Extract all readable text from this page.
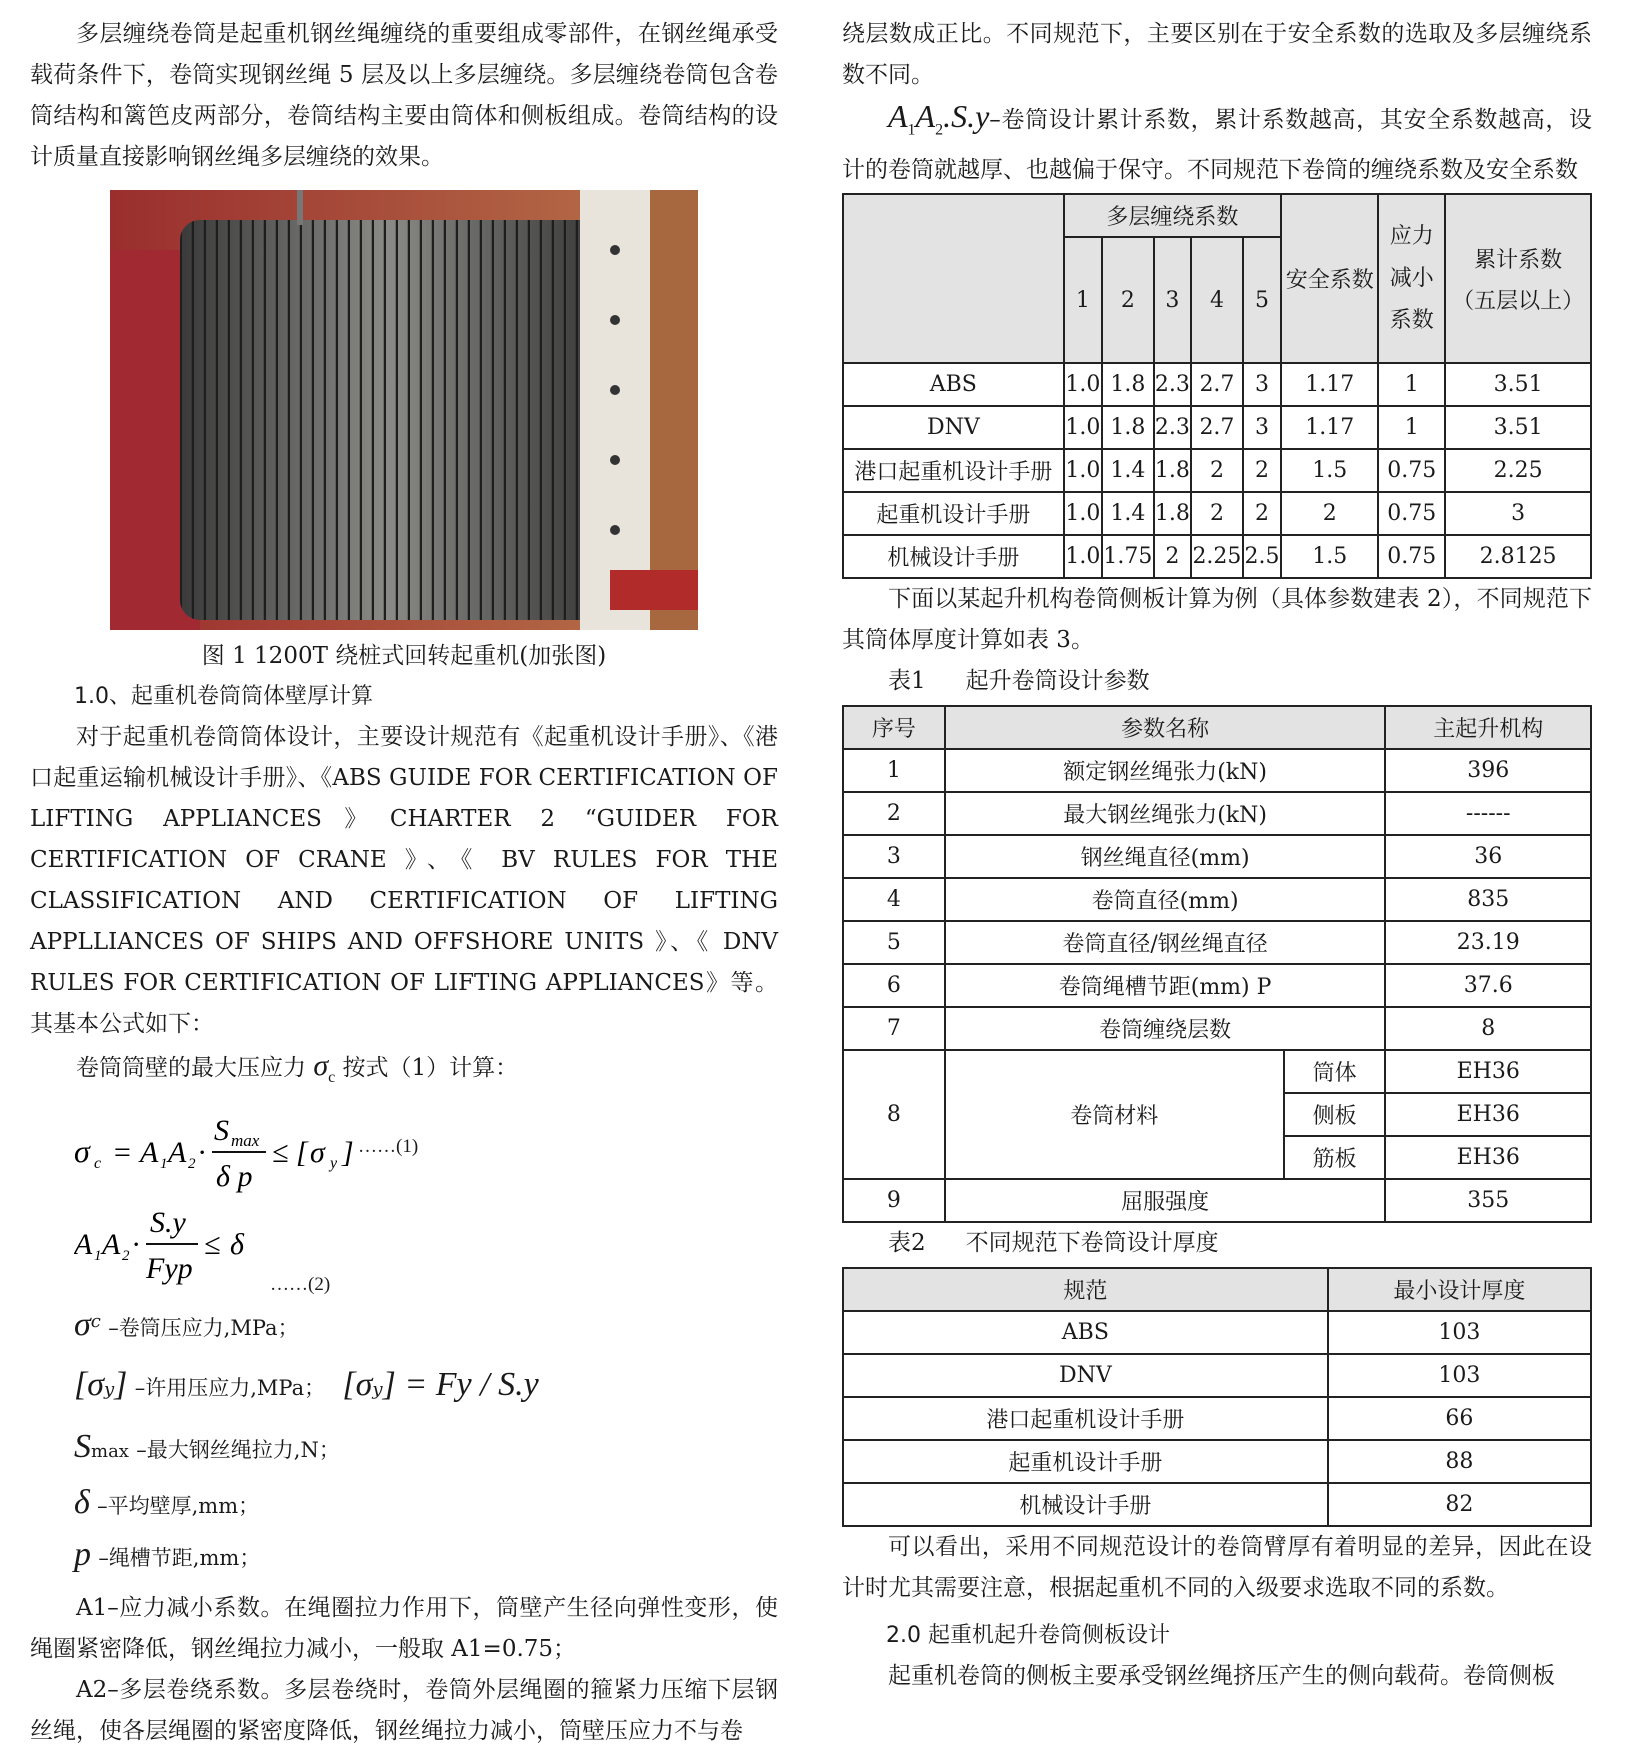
多层缠绕卷筒是起重机钢丝绳缠绕的重要组成零部件，在钢丝绳承受载荷条件下，卷筒实现钢丝绳 5 层及以上多层缠绕。多层缠绕卷筒包含卷筒结构和篱笆皮两部分，卷筒结构主要由筒体和侧板组成。卷筒结构的设计质量直接影响钢丝绳多层缠绕的效果。

图 1 1200T 绕桩式回转起重机(加张图)
1.0、起重机卷筒筒体壁厚计算

对于起重机卷筒筒体设计，主要设计规范有《起重机设计手册》、《港口起重运输机械设计手册》、《ABS GUIDE FOR CERTIFICATION OF LIFTING APPLIANCES》CHARTER 2 “GUIDER FOR CERTIFICATION OF CRANE 》、《 BV RULES FOR THE CLASSIFICATION AND CERTIFICATION OF LIFTING APPLLIANCES OF SHIPS AND OFFSHORE UNITS 》、《 DNV RULES FOR CERTIFICATION OF LIFTING APPLIANCES》等。其基本公式如下：

卷筒筒壁的最大压应力 $\sigma_c$ 按式（1）计算：

σ c = A 1 A 2 ·
S max
δ p
≤ [ σ y ] ……(1)
A 1 A 2 ·
S.y
Fyp
≤ δ
……(2)
$\sigma^c$ –卷筒压应力,MPa；
[σy] –许用压应力,MPa； [σy] = Fy / S.y
Smax –最大钢丝绳拉力,N；
δ –平均壁厚,mm；
p –绳槽节距,mm；

A1–应力减小系数。在绳圈拉力作用下，筒壁产生径向弹性变形，使绳圈紧密降低，钢丝绳拉力减小，一般取 A1=0.75；

A2–多层卷绕系数。多层卷绕时，卷筒外层绳圈的箍紧力压缩下层钢丝绳，使各层绳圈的紧密度降低，钢丝绳拉力减小，筒壁压应力不与卷

绕层数成正比。不同规范下，主要区别在于安全系数的选取及多层缠绕系数不同。

$A_1A_2.S.y-$卷筒设计累计系数，累计系数越高，其安全系数越高，设计的卷筒就越厚、也越偏于保守。不同规范下卷筒的缠绕系数及安全系数

	多层缠绕系数					安全系数	应力减小系数	累计系数
（五层以上）

	1	2	3	4	5			
ABS	1.0	1.8	2.3	2.7	3	1.17	1	3.51
DNV	1.0	1.8	2.3	2.7	3	1.17	1	3.51
港口起重机设计手册	1.0	1.4	1.8	2	2	1.5	0.75	2.25
起重机设计手册	1.0	1.4	1.8	2	2	2	0.75	3
机械设计手册	1.0	1.75	2	2.25	2.5	1.5	0.75	2.8125

下面以某起升机构卷筒侧板计算为例（具体参数建表 2），不同规范下其筒体厚度计算如表 3。

表1 起升卷筒设计参数
序号	参数名称		主起升机构
1	额定钢丝绳张力(kN)		396
2	最大钢丝绳张力(kN)		------
3	钢丝绳直径(mm)		36
4	卷筒直径(mm)		835
5	卷筒直径/钢丝绳直径		23.19
6	卷筒绳槽节距(mm) P		37.6
7	卷筒缠绕层数		8
8	卷筒材料	筒体	EH36
		侧板	EH36
		筋板	EH36
9	屈服强度		355
表2 不同规范下卷筒设计厚度
规范	最小设计厚度
ABS	103
DNV	103
港口起重机设计手册	66
起重机设计手册	88
机械设计手册	82

可以看出，采用不同规范设计的卷筒臂厚有着明显的差异，因此在设计时尤其需要注意，根据起重机不同的入级要求选取不同的系数。

2.0 起重机起升卷筒侧板设计

起重机卷筒的侧板主要承受钢丝绳挤压产生的侧向载荷。卷筒侧板
